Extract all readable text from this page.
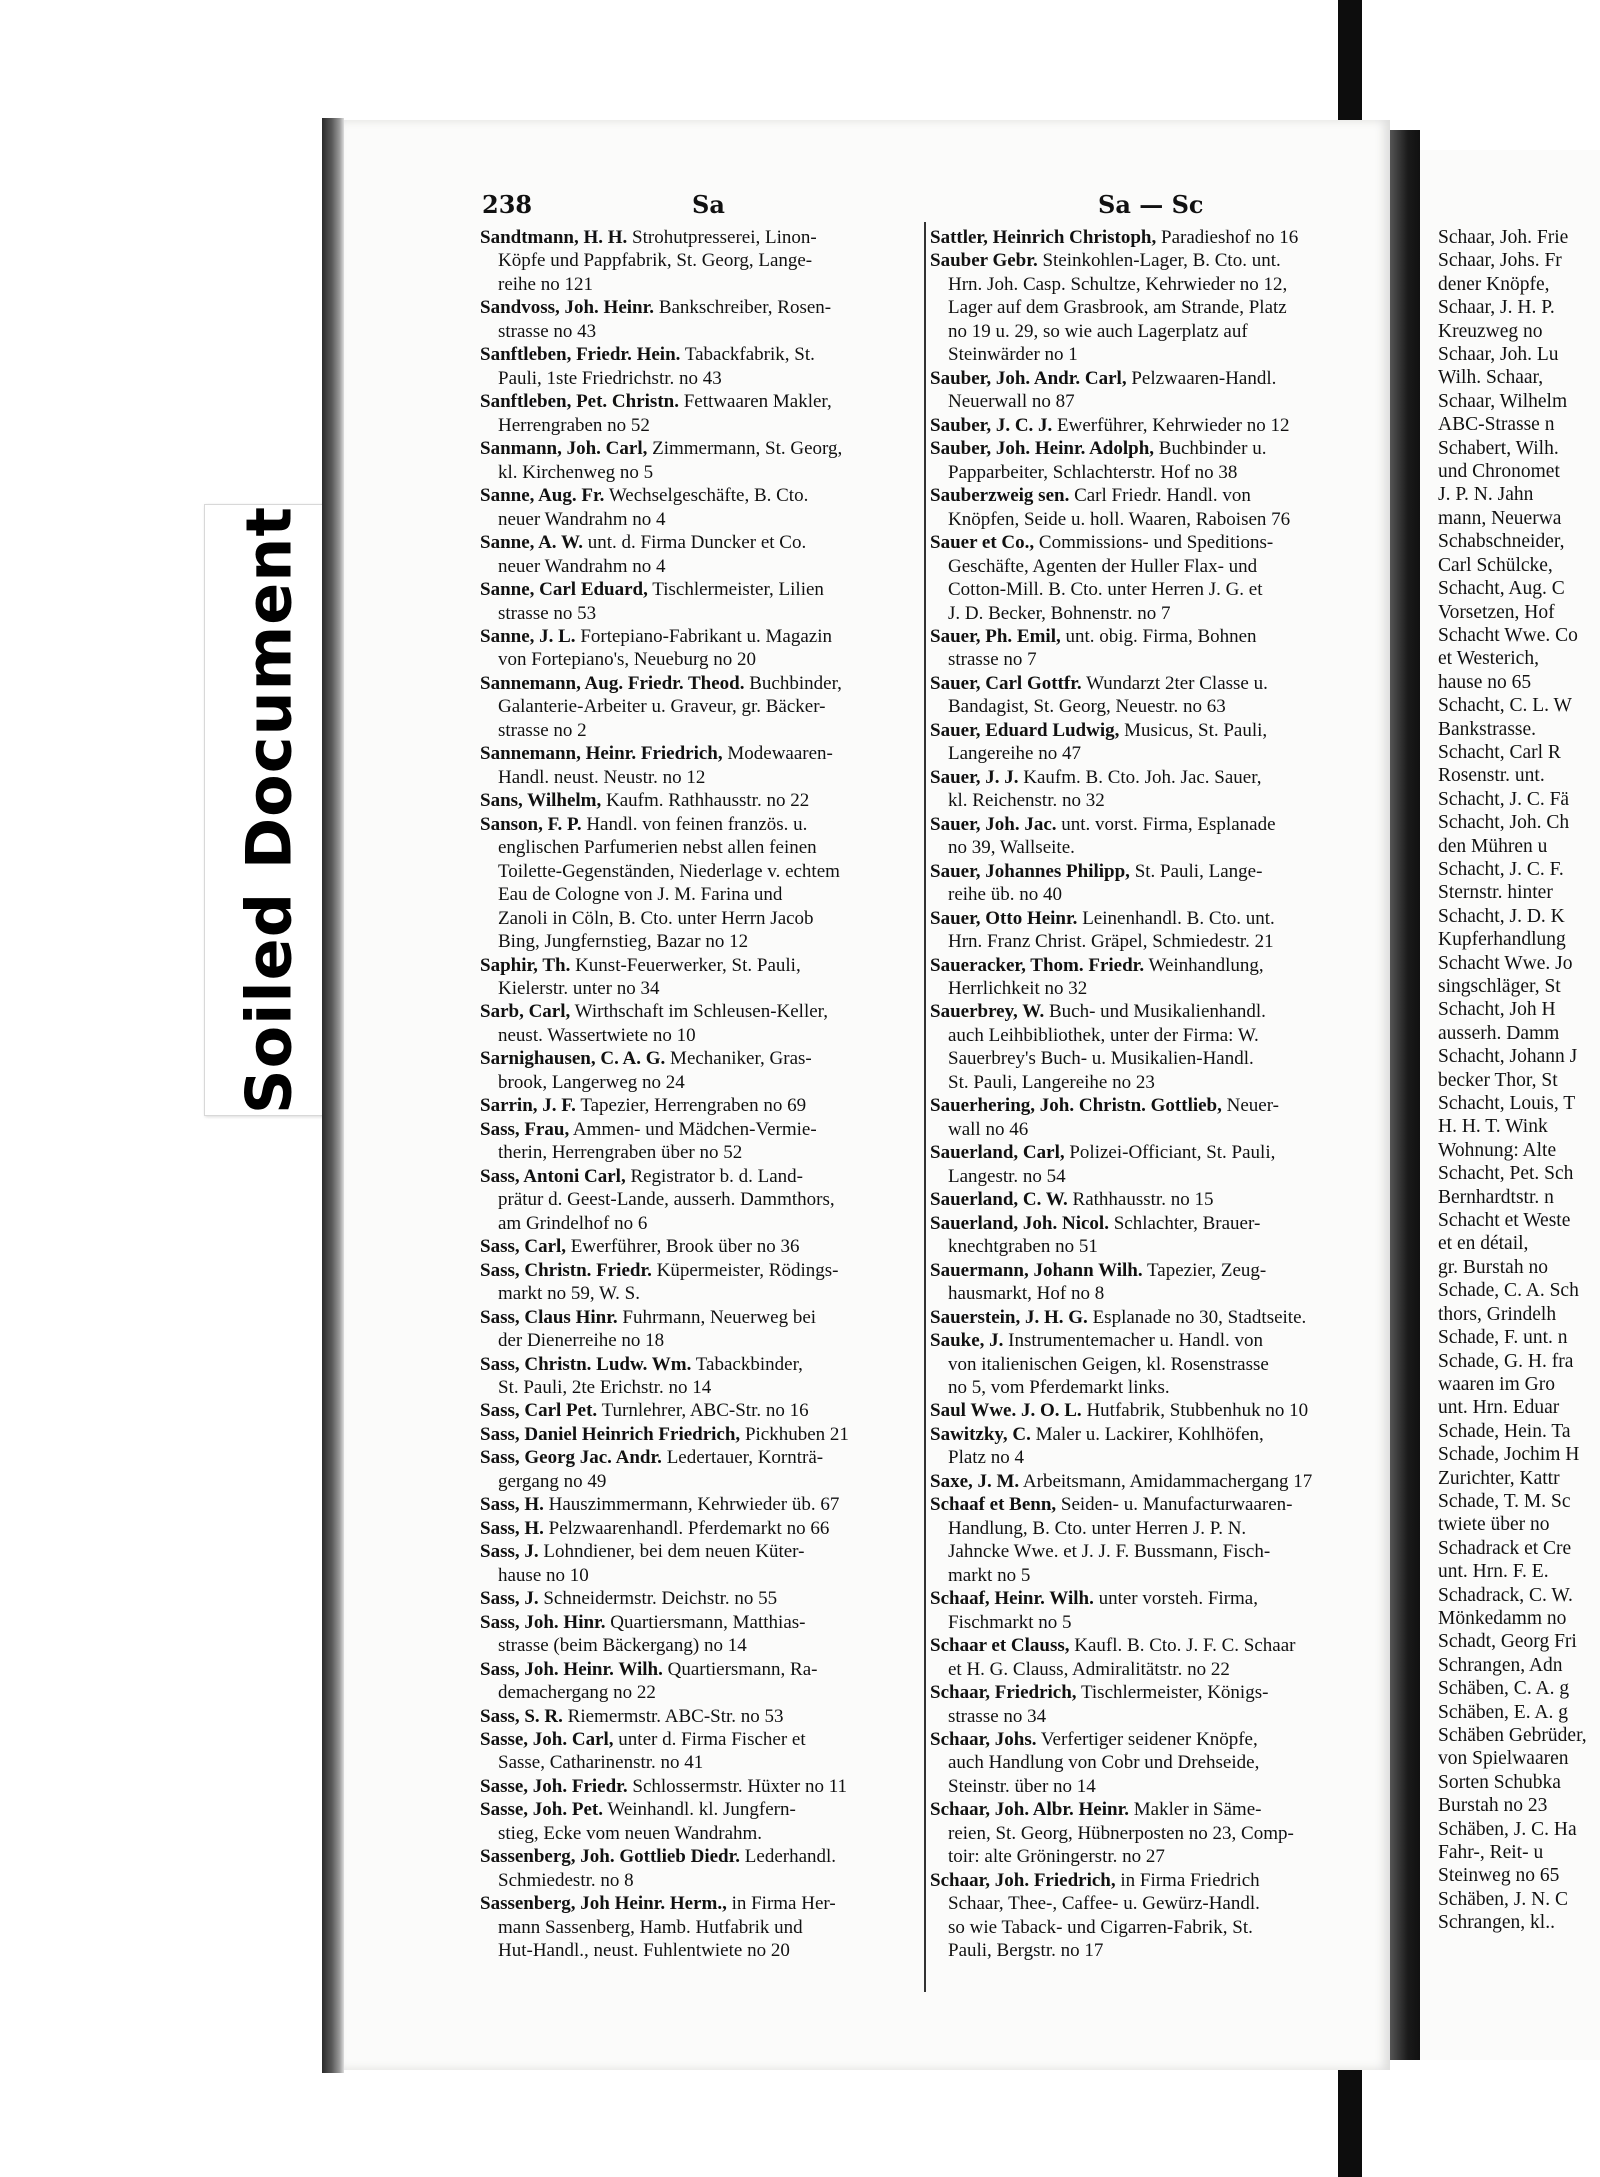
Soiled Document
238	Sa	Sa — Sc

Sandtmann, H. H. Strohutpresserei, Linon-
Köpfe und Pappfabrik, St. Georg, Lange-
reihe no 121

Sandvoss, Joh. Heinr. Bankschreiber, Rosen-
strasse no 43

Sanftleben, Friedr. Hein. Tabackfabrik, St.
Pauli, 1ste Friedrichstr. no 43

Sanftleben, Pet. Christn. Fettwaaren Makler,
Herrengraben no 52

Sanmann, Joh. Carl, Zimmermann, St. Georg,
kl. Kirchenweg no 5

Sanne, Aug. Fr. Wechselgeschäfte, B. Cto.
neuer Wandrahm no 4

Sanne, A. W. unt. d. Firma Duncker et Co.
neuer Wandrahm no 4

Sanne, Carl Eduard, Tischlermeister, Lilien
strasse no 53

Sanne, J. L. Fortepiano-Fabrikant u. Magazin
von Fortepiano's, Neueburg no 20

Sannemann, Aug. Friedr. Theod. Buchbinder,
Galanterie-Arbeiter u. Graveur, gr. Bäcker-
strasse no 2

Sannemann, Heinr. Friedrich, Modewaaren-
Handl. neust. Neustr. no 12

Sans, Wilhelm, Kaufm. Rathhausstr. no 22

Sanson, F. P. Handl. von feinen französ. u.
englischen Parfumerien nebst allen feinen
Toilette-Gegenständen, Niederlage v. echtem
Eau de Cologne von J. M. Farina und
Zanoli in Cöln, B. Cto. unter Herrn Jacob
Bing, Jungfernstieg, Bazar no 12

Saphir, Th. Kunst-Feuerwerker, St. Pauli,
Kielerstr. unter no 34

Sarb, Carl, Wirthschaft im Schleusen-Keller,
neust. Wassertwiete no 10

Sarnighausen, C. A. G. Mechaniker, Gras-
brook, Langerweg no 24

Sarrin, J. F. Tapezier, Herrengraben no 69

Sass, Frau, Ammen- und Mädchen-Vermie-
therin, Herrengraben über no 52

Sass, Antoni Carl, Registrator b. d. Land-
prätur d. Geest-Lande, ausserh. Dammthors,
am Grindelhof no 6

Sass, Carl, Ewerführer, Brook über no 36

Sass, Christn. Friedr. Küpermeister, Rödings-
markt no 59, W. S.

Sass, Claus Hinr. Fuhrmann, Neuerweg bei
der Dienerreihe no 18

Sass, Christn. Ludw. Wm. Tabackbinder,
St. Pauli, 2te Erichstr. no 14

Sass, Carl Pet. Turnlehrer, ABC-Str. no 16

Sass, Daniel Heinrich Friedrich, Pickhuben 21

Sass, Georg Jac. Andr. Ledertauer, Kornträ-
gergang no 49

Sass, H. Hauszimmermann, Kehrwieder üb. 67

Sass, H. Pelzwaarenhandl. Pferdemarkt no 66

Sass, J. Lohndiener, bei dem neuen Küter-
hause no 10

Sass, J. Schneidermstr. Deichstr. no 55

Sass, Joh. Hinr. Quartiersmann, Matthias-
strasse (beim Bäckergang) no 14

Sass, Joh. Heinr. Wilh. Quartiersmann, Ra-
demachergang no 22

Sass, S. R. Riemermstr. ABC-Str. no 53

Sasse, Joh. Carl, unter d. Firma Fischer et
Sasse, Catharinenstr. no 41

Sasse, Joh. Friedr. Schlossermstr. Hüxter no 11

Sasse, Joh. Pet. Weinhandl. kl. Jungfern-
stieg, Ecke vom neuen Wandrahm.

Sassenberg, Joh. Gottlieb Diedr. Lederhandl.
Schmiedestr. no 8

Sassenberg, Joh Heinr. Herm., in Firma Her-
mann Sassenberg, Hamb. Hutfabrik und
Hut-Handl., neust. Fuhlentwiete no 20

Sattler, Heinrich Christoph, Paradieshof no 16

Sauber Gebr. Steinkohlen-Lager, B. Cto. unt.
Hrn. Joh. Casp. Schultze, Kehrwieder no 12,
Lager auf dem Grasbrook, am Strande, Platz
no 19 u. 29, so wie auch Lagerplatz auf
Steinwärder no 1

Sauber, Joh. Andr. Carl, Pelzwaaren-Handl.
Neuerwall no 87

Sauber, J. C. J. Ewerführer, Kehrwieder no 12

Sauber, Joh. Heinr. Adolph, Buchbinder u.
Papparbeiter, Schlachterstr. Hof no 38

Sauberzweig sen. Carl Friedr. Handl. von
Knöpfen, Seide u. holl. Waaren, Raboisen 76

Sauer et Co., Commissions- und Speditions-
Geschäfte, Agenten der Huller Flax- und
Cotton-Mill. B. Cto. unter Herren J. G. et
J. D. Becker, Bohnenstr. no 7

Sauer, Ph. Emil, unt. obig. Firma, Bohnen
strasse no 7

Sauer, Carl Gottfr. Wundarzt 2ter Classe u.
Bandagist, St. Georg, Neuestr. no 63

Sauer, Eduard Ludwig, Musicus, St. Pauli,
Langereihe no 47

Sauer, J. J. Kaufm. B. Cto. Joh. Jac. Sauer,
kl. Reichenstr. no 32

Sauer, Joh. Jac. unt. vorst. Firma, Esplanade
no 39, Wallseite.

Sauer, Johannes Philipp, St. Pauli, Lange-
reihe üb. no 40

Sauer, Otto Heinr. Leinenhandl. B. Cto. unt.
Hrn. Franz Christ. Gräpel, Schmiedestr. 21

Saueracker, Thom. Friedr. Weinhandlung,
Herrlichkeit no 32

Sauerbrey, W. Buch- und Musikalienhandl.
auch Leihbibliothek, unter der Firma: W.
Sauerbrey's Buch- u. Musikalien-Handl.
St. Pauli, Langereihe no 23

Sauerhering, Joh. Christn. Gottlieb, Neuer-
wall no 46

Sauerland, Carl, Polizei-Officiant, St. Pauli,
Langestr. no 54

Sauerland, C. W. Rathhausstr. no 15

Sauerland, Joh. Nicol. Schlachter, Brauer-
knechtgraben no 51

Sauermann, Johann Wilh. Tapezier, Zeug-
hausmarkt, Hof no 8

Sauerstein, J. H. G. Esplanade no 30, Stadtseite.

Sauke, J. Instrumentemacher u. Handl. von
von italienischen Geigen, kl. Rosenstrasse
no 5, vom Pferdemarkt links.

Saul Wwe. J. O. L. Hutfabrik, Stubbenhuk no 10

Sawitzky, C. Maler u. Lackirer, Kohlhöfen,
Platz no 4

Saxe, J. M. Arbeitsmann, Amidammachergang 17

Schaaf et Benn, Seiden- u. Manufacturwaaren-
Handlung, B. Cto. unter Herren J. P. N.
Jahncke Wwe. et J. J. F. Bussmann, Fisch-
markt no 5

Schaaf, Heinr. Wilh. unter vorsteh. Firma,
Fischmarkt no 5

Schaar et Clauss, Kaufl. B. Cto. J. F. C. Schaar
et H. G. Clauss, Admiralitätstr. no 22

Schaar, Friedrich, Tischlermeister, Königs-
strasse no 34

Schaar, Johs. Verfertiger seidener Knöpfe,
auch Handlung von Cobr und Drehseide,
Steinstr. über no 14

Schaar, Joh. Albr. Heinr. Makler in Säme-
reien, St. Georg, Hübnerposten no 23, Comp-
toir: alte Gröningerstr. no 27

Schaar, Joh. Friedrich, in Firma Friedrich
Schaar, Thee-, Caffee- u. Gewürz-Handl.
so wie Taback- und Cigarren-Fabrik, St.
Pauli, Bergstr. no 17

Schaar, Joh. Frie
Schaar, Johs. Fr
dener Knöpfe,
Schaar, J. H. P.
Kreuzweg no
Schaar, Joh. Lu
Wilh. Schaar,
Schaar, Wilhelm
ABC-Strasse n
Schabert, Wilh.
und Chronomet
J. P. N. Jahn
mann, Neuerwa
Schabschneider,
Carl Schülcke,
Schacht, Aug. C
Vorsetzen, Hof
Schacht Wwe. Co
et Westerich,
hause no 65
Schacht, C. L. W
Bankstrasse.
Schacht, Carl R
Rosenstr. unt.
Schacht, J. C. Fä
Schacht, Joh. Ch
den Mühren u
Schacht, J. C. F.
Sternstr. hinter
Schacht, J. D. K
Kupferhandlung
Schacht Wwe. Jo
singschläger, St
Schacht, Joh H
ausserh. Damm
Schacht, Johann J
becker Thor, St
Schacht, Louis, T
H. H. T. Wink
Wohnung: Alte
Schacht, Pet. Sch
Bernhardtstr. n
Schacht et Weste
et en détail,
gr. Burstah no
Schade, C. A. Sch
thors, Grindelh
Schade, F. unt. n
Schade, G. H. fra
waaren im Gro
unt. Hrn. Eduar
Schade, Hein. Ta
Schade, Jochim H
Zurichter, Kattr
Schade, T. M. Sc
twiete über no
Schadrack et Cre
unt. Hrn. F. E.
Schadrack, C. W.
Mönkedamm no
Schadt, Georg Fri
Schrangen, Adn
Schäben, C. A. g
Schäben, E. A. g
Schäben Gebrüder,
von Spielwaaren
Sorten Schubka
Burstah no 23
Schäben, J. C. Ha
Fahr-, Reit- u
Steinweg no 65
Schäben, J. N. C
Schrangen, kl..
